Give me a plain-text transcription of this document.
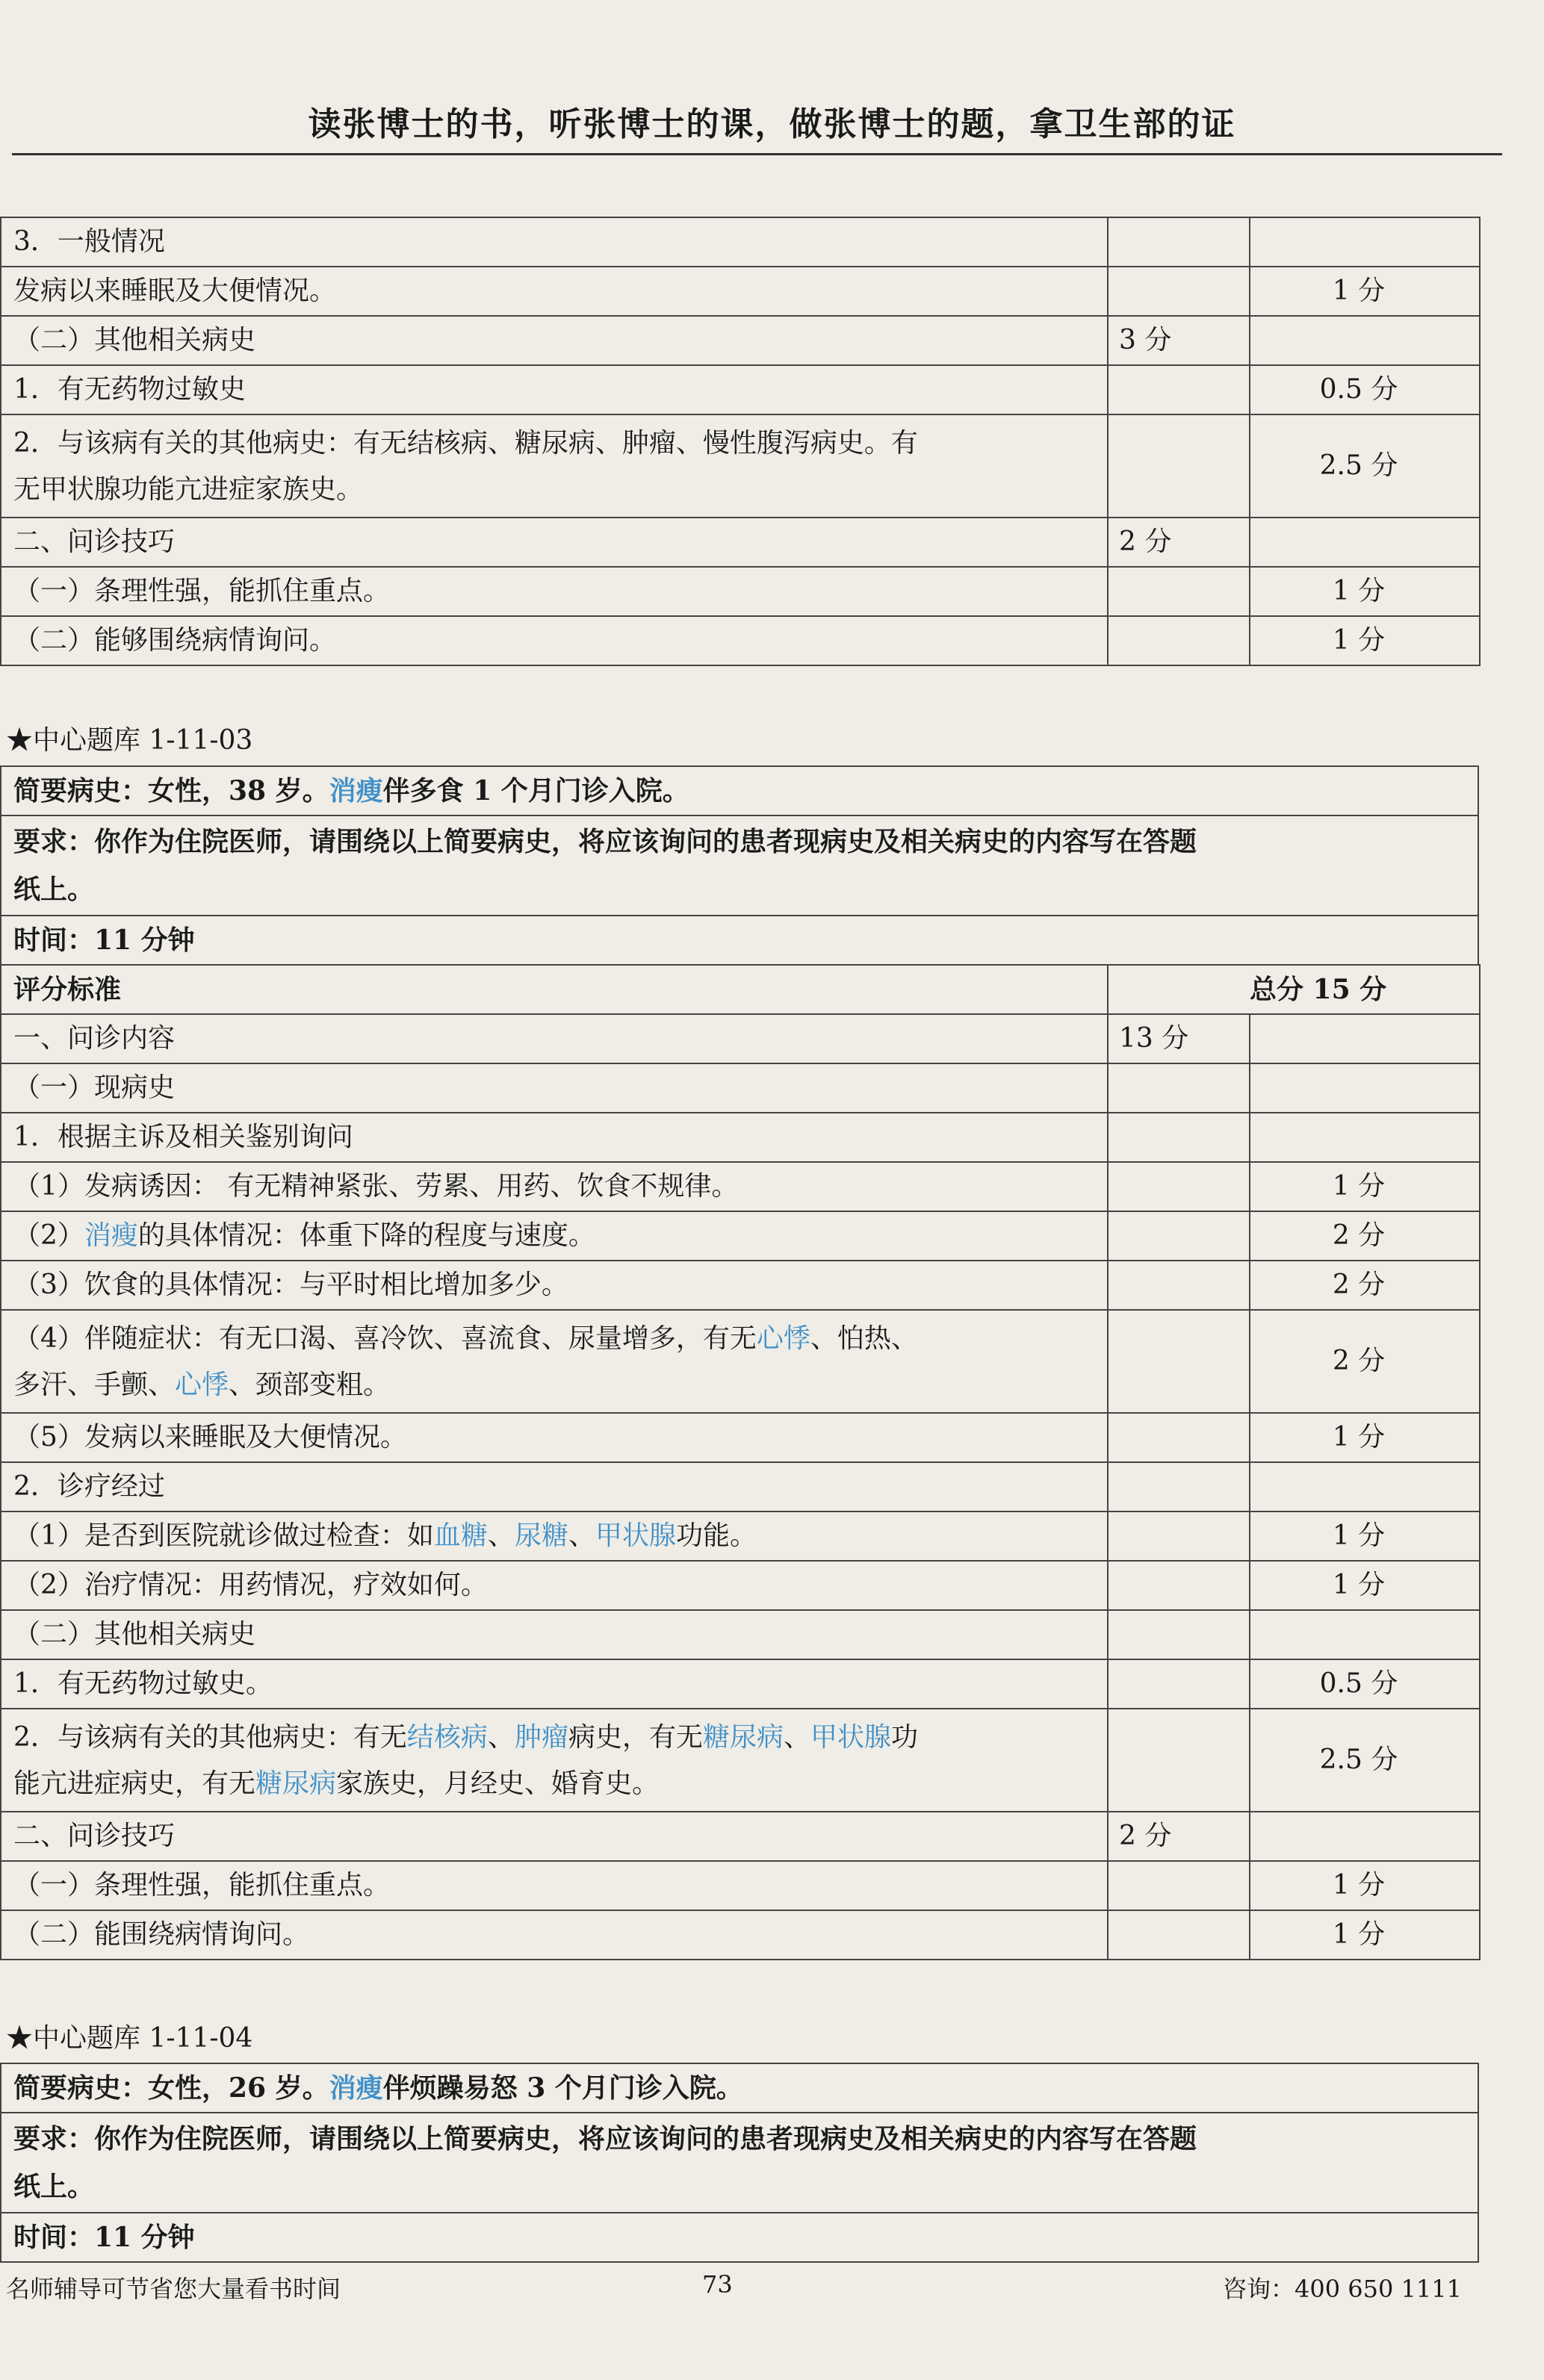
读张博士的书，听张博士的课，做张博士的题，拿卫生部的证
3．一般情况		
发病以来睡眠及大便情况。		1 分
（二）其他相关病史	3 分	
1．有无药物过敏史		0.5 分
2．与该病有关的其他病史：有无结核病、糖尿病、肿瘤、慢性腹泻病史。有
无甲状腺功能亢进症家族史。		2.5 分
二、问诊技巧	2 分	
（一）条理性强，能抓住重点。		1 分
（二）能够围绕病情询问。		1 分
★中心题库 1-11-03
简要病史：女性，38 岁。消瘦伴多食 1 个月门诊入院。
要求：你作为住院医师，请围绕以上简要病史，将应该询问的患者现病史及相关病史的内容写在答题
纸上。
时间：11 分钟
评分标准		总分 15 分
一、问诊内容	13 分	
（一）现病史		
1．根据主诉及相关鉴别询问		
（1）发病诱因： 有无精神紧张、劳累、用药、饮食不规律。		1 分
（2）消瘦的具体情况：体重下降的程度与速度。		2 分
（3）饮食的具体情况：与平时相比增加多少。		2 分
（4）伴随症状：有无口渴、喜冷饮、喜流食、尿量增多，有无心悸、怕热、
多汗、手颤、心悸、颈部变粗。		2 分
（5）发病以来睡眠及大便情况。		1 分
2．诊疗经过		
（1）是否到医院就诊做过检查：如血糖、尿糖、甲状腺功能。		1 分
（2）治疗情况：用药情况，疗效如何。		1 分
（二）其他相关病史		
1．有无药物过敏史。		0.5 分
2．与该病有关的其他病史：有无结核病、肿瘤病史，有无糖尿病、甲状腺功
能亢进症病史，有无糖尿病家族史，月经史、婚育史。		2.5 分
二、问诊技巧	2 分	
（一）条理性强，能抓住重点。		1 分
（二）能围绕病情询问。		1 分
★中心题库 1-11-04
简要病史：女性，26 岁。消瘦伴烦躁易怒 3 个月门诊入院。
要求：你作为住院医师，请围绕以上简要病史，将应该询问的患者现病史及相关病史的内容写在答题
纸上。
时间：11 分钟
名师辅导可节省您大量看书时间	73	咨询：400 650 1111
